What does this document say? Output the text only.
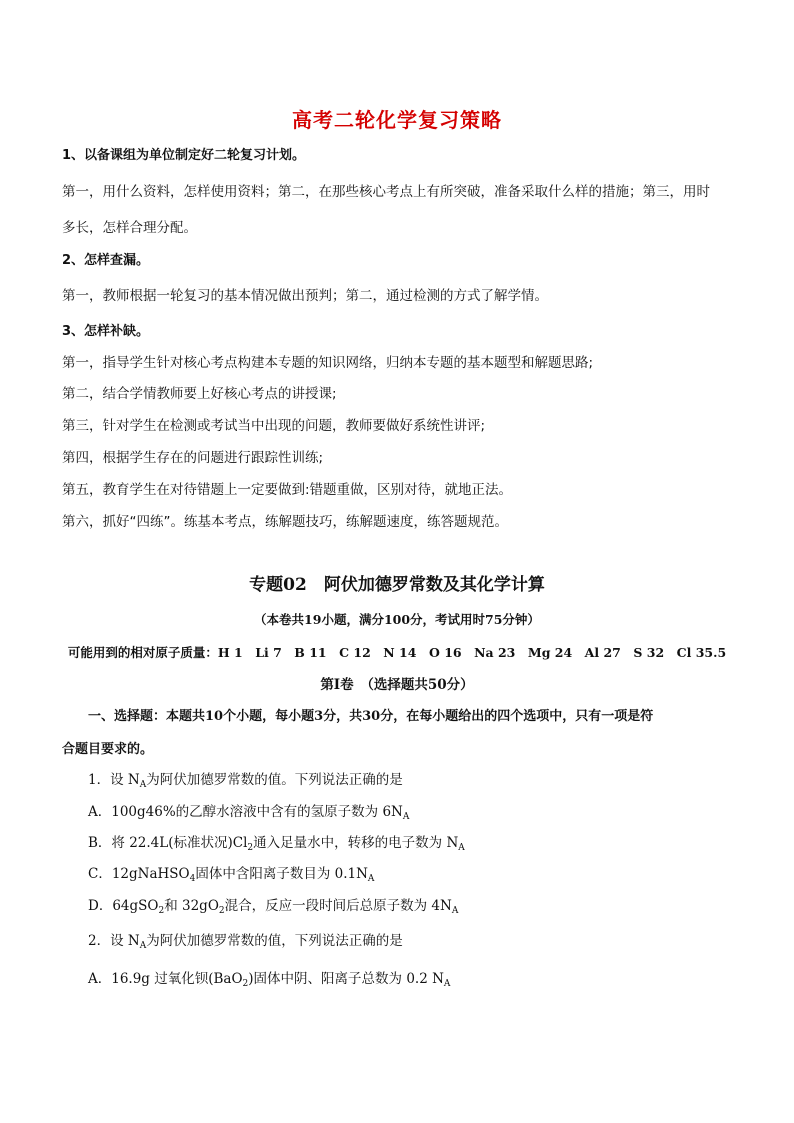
高考二轮化学复习策略
1、以备课组为单位制定好二轮复习计划。
第一，用什么资料，怎样使用资料；第二，在那些核心考点上有所突破，准备采取什么样的措施；第三，用时
多长，怎样合理分配。
2、怎样查漏。
第一，教师根据一轮复习的基本情况做出预判；第二，通过检测的方式了解学情。
3、怎样补缺。
第一，指导学生针对核心考点构建本专题的知识网络，归纳本专题的基本题型和解题思路;
第二，结合学情教师要上好核心考点的讲授课;
第三，针对学生在检测或考试当中出现的问题，教师要做好系统性讲评;
第四，根据学生存在的问题进行跟踪性训练;
第五，教育学生在对待错题上一定要做到:错题重做，区别对待，就地正法。
第六，抓好“四练”。练基本考点，练解题技巧，练解题速度，练答题规范。
专题02　阿伏加德罗常数及其化学计算
（本卷共19小题，满分100分，考试用时75分钟）
可能用到的相对原子质量：H 1　Li 7　B 11　C 12　N 14　O 16　Na 23　Mg 24　Al 27　S 32　Cl 35.5
第Ⅰ卷　（选择题共50分）
一、选择题：本题共10个小题，每小题3分，共30分，在每小题给出的四个选项中，只有一项是符
合题目要求的。
1．设 $N_A$为阿伏加德罗常数的值。下列说法正确的是
A．100g46%的乙醇水溶液中含有的氢原子数为 $6N_A$
B．将 22.4L(标准状况)$Cl_2$通入足量水中，转移的电子数为 $N_A$
C．12gNaHSO$_4$固体中含阳离子数目为 $0.1N_A$
D．64gSO$_2$和 $32gO_2$混合，反应一段时间后总原子数为 $4N_A$
2．设 $N_A$为阿伏加德罗常数的值，下列说法正确的是
A．16.9g 过氧化钡(BaO$_2$)固体中阴、阳离子总数为 0.2 $N_A$
